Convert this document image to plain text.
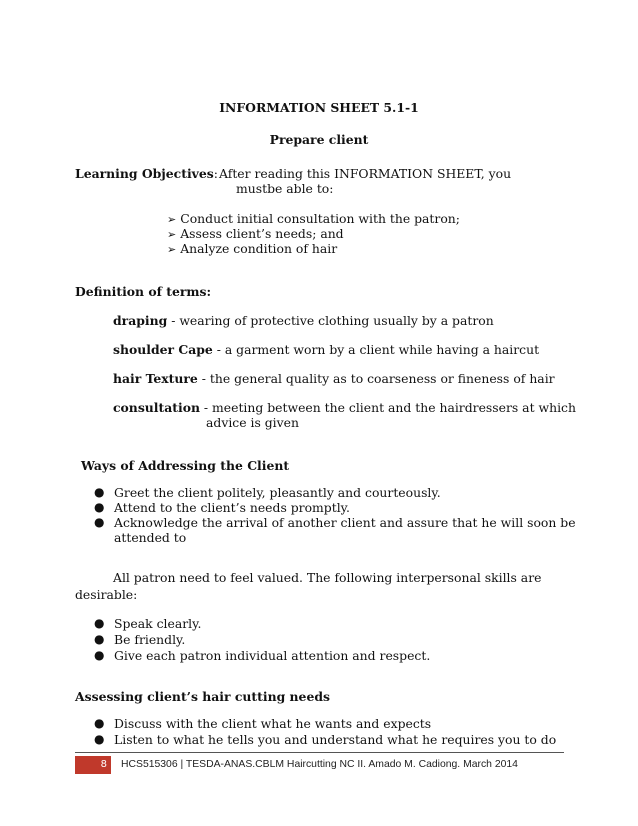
INFORMATION SHEET 5.1-1
Prepare client
Learning Objectives: After reading this INFORMATION SHEET, you
mustbe able to:
➢ Conduct initial consultation with the patron;
➢ Assess client’s needs; and
➢ Analyze condition of hair
Definition of terms:
draping - wearing of protective clothing usually by a patron
shoulder Cape - a garment worn by a client while having a haircut
hair Texture - the general quality as to coarseness or fineness of hair
consultation - meeting between the client and the hairdressers at which
advice is given
Ways of Addressing the Client
● Greet the client politely, pleasantly and courteously.
● Attend to the client’s needs promptly.
● Acknowledge the arrival of another client and assure that he will soon be
attended to
All patron need to feel valued. The following interpersonal skills are
desirable:
● Speak clearly.
● Be friendly.
● Give each patron individual attention and respect.
Assessing client’s hair cutting needs
● Discuss with the client what he wants and expects
● Listen to what he tells you and understand what he requires you to do
8	HCS515306 | TESDA-ANAS.CBLM Haircutting NC II. Amado M. Cadiong. March 2014
